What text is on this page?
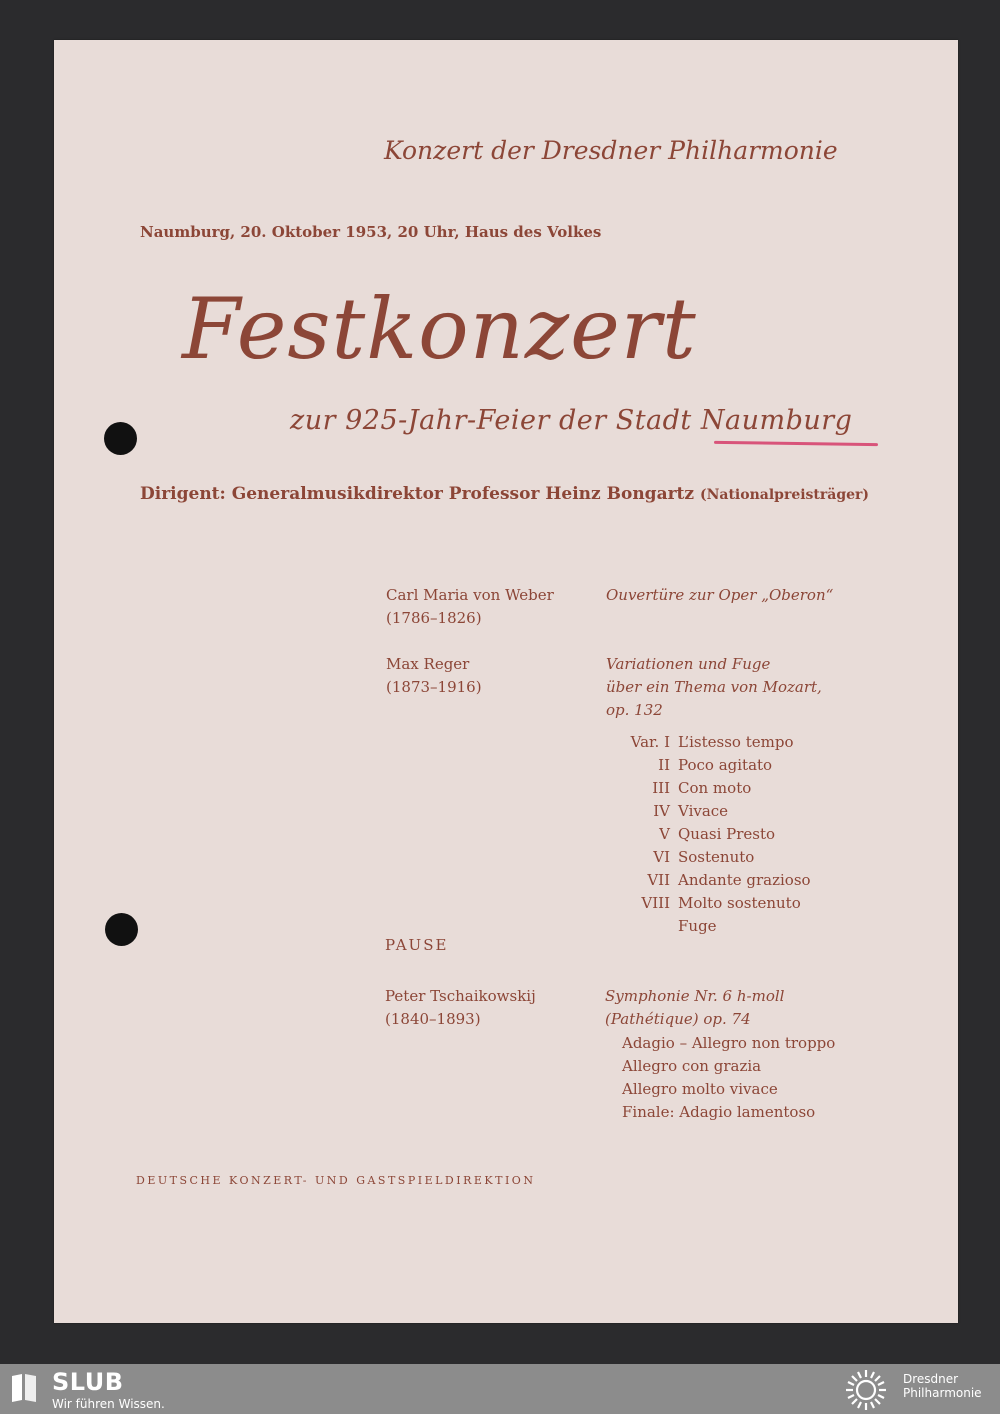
Konzert der Dresdner Philharmonie
Naumburg, 20. Oktober 1953, 20 Uhr, Haus des Volkes
Festkonzert
zur 925-Jahr-Feier der Stadt Naumburg
Dirigent: Generalmusikdirektor Professor Heinz Bongartz (Nationalpreisträger)
Carl Maria von Weber
(1786–1826)
Ouvertüre zur Oper „Oberon“
Max Reger
(1873–1916)
Variationen und Fuge
über ein Thema von Mozart,
op. 132
Var. I L’istesso tempo
II Poco agitato
III Con moto
IV Vivace
V Quasi Presto
VI Sostenuto
VII Andante grazioso
VIII Molto sostenuto
Fuge
PAUSE
Peter Tschaikowskij
(1840–1893)
Symphonie Nr. 6 h-moll
(Pathétique) op. 74
Adagio – Allegro non troppo
Allegro con grazia
Allegro molto vivace
Finale: Adagio lamentoso
DEUTSCHE KONZERT- UND GASTSPIELDIREKTION
SLUB
Wir führen Wissen.
Dresdner
Philharmonie
